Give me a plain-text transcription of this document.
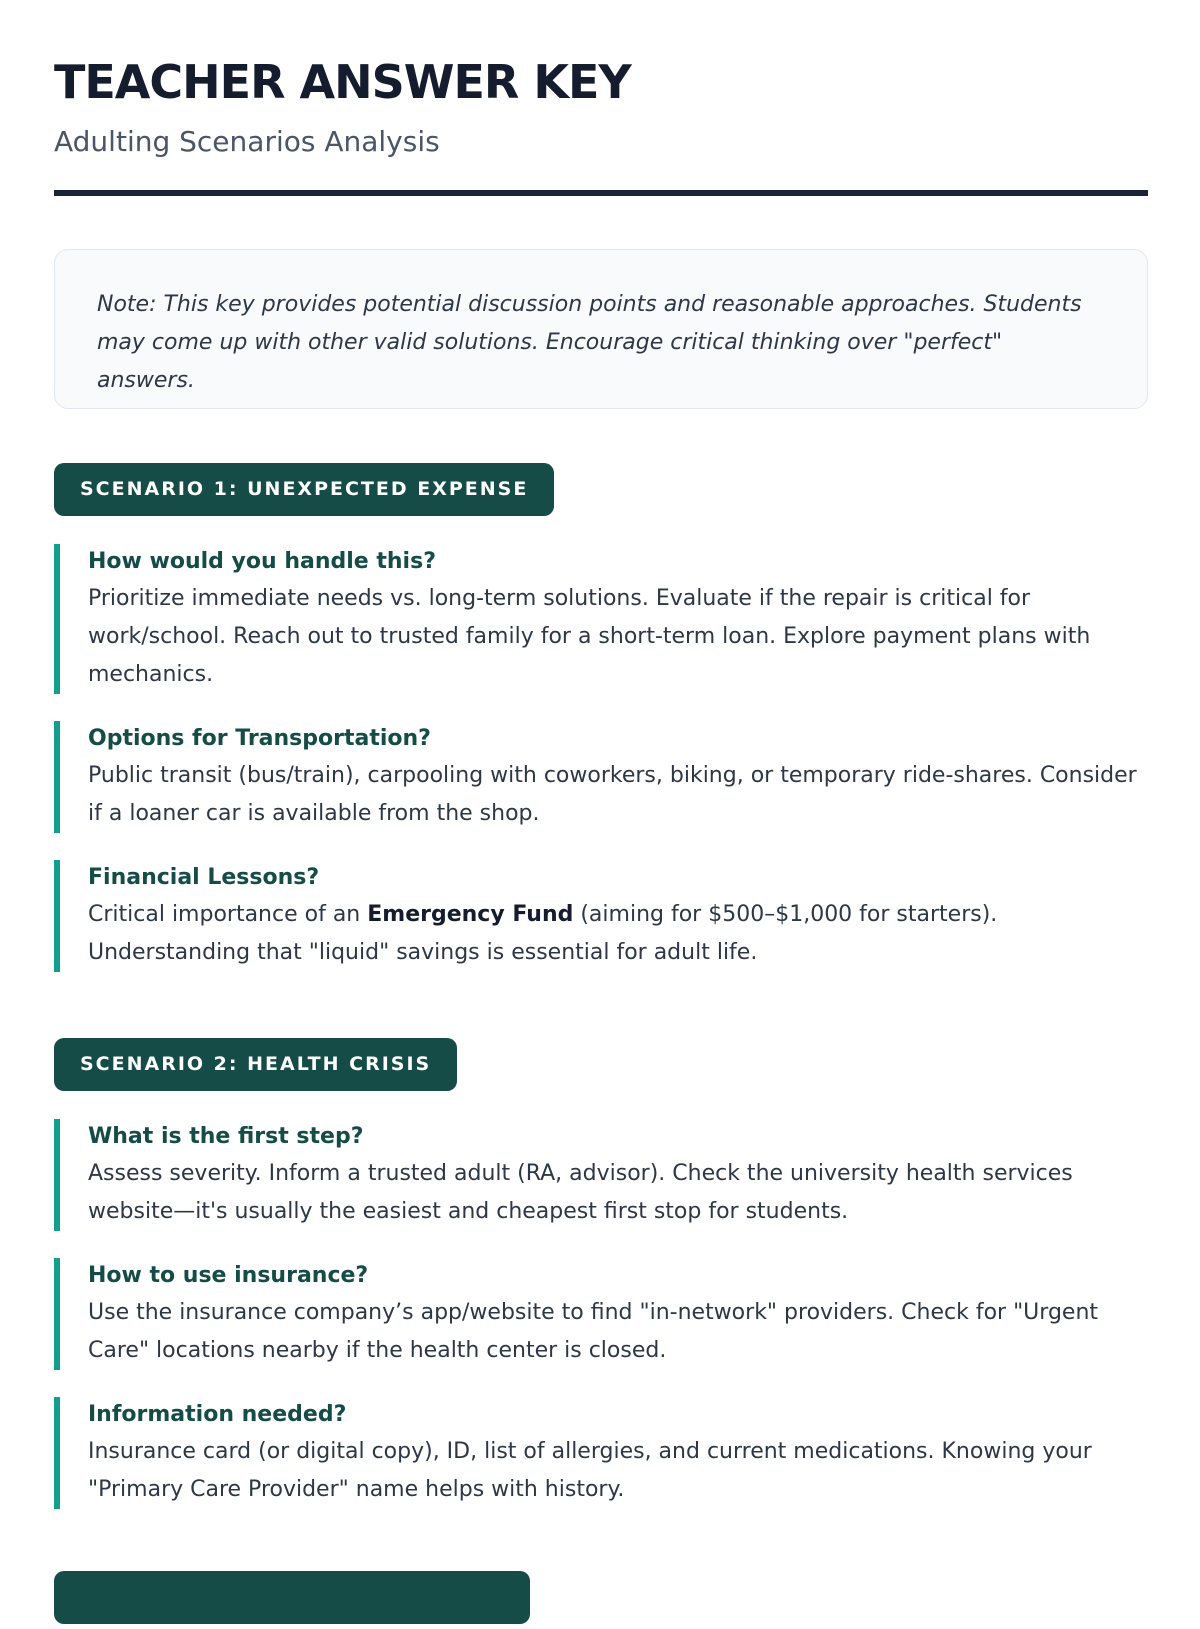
TEACHER ANSWER KEY
Adulting Scenarios Analysis

Note: This key provides potential discussion points and reasonable approaches. Students may come up with other valid solutions. Encourage critical thinking over "perfect" answers.

SCENARIO 1: UNEXPECTED EXPENSE

How would you handle this?

Prioritize immediate needs vs. long-term solutions. Evaluate if the repair is critical for work/school. Reach out to trusted family for a short-term loan. Explore payment plans with mechanics.

Options for Transportation?

Public transit (bus/train), carpooling with coworkers, biking, or temporary ride-shares. Consider if a loaner car is available from the shop.

Financial Lessons?

Critical importance of an Emergency Fund (aiming for $500–$1,000 for starters). Understanding that "liquid" savings is essential for adult life.

SCENARIO 2: HEALTH CRISIS

What is the first step?

Assess severity. Inform a trusted adult (RA, advisor). Check the university health services website—it's usually the easiest and cheapest first stop for students.

How to use insurance?

Use the insurance company’s app/website to find "in-network" providers. Check for "Urgent Care" locations nearby if the health center is closed.

Information needed?

Insurance card (or digital copy), ID, list of allergies, and current medications. Knowing your "Primary Care Provider" name helps with history.
